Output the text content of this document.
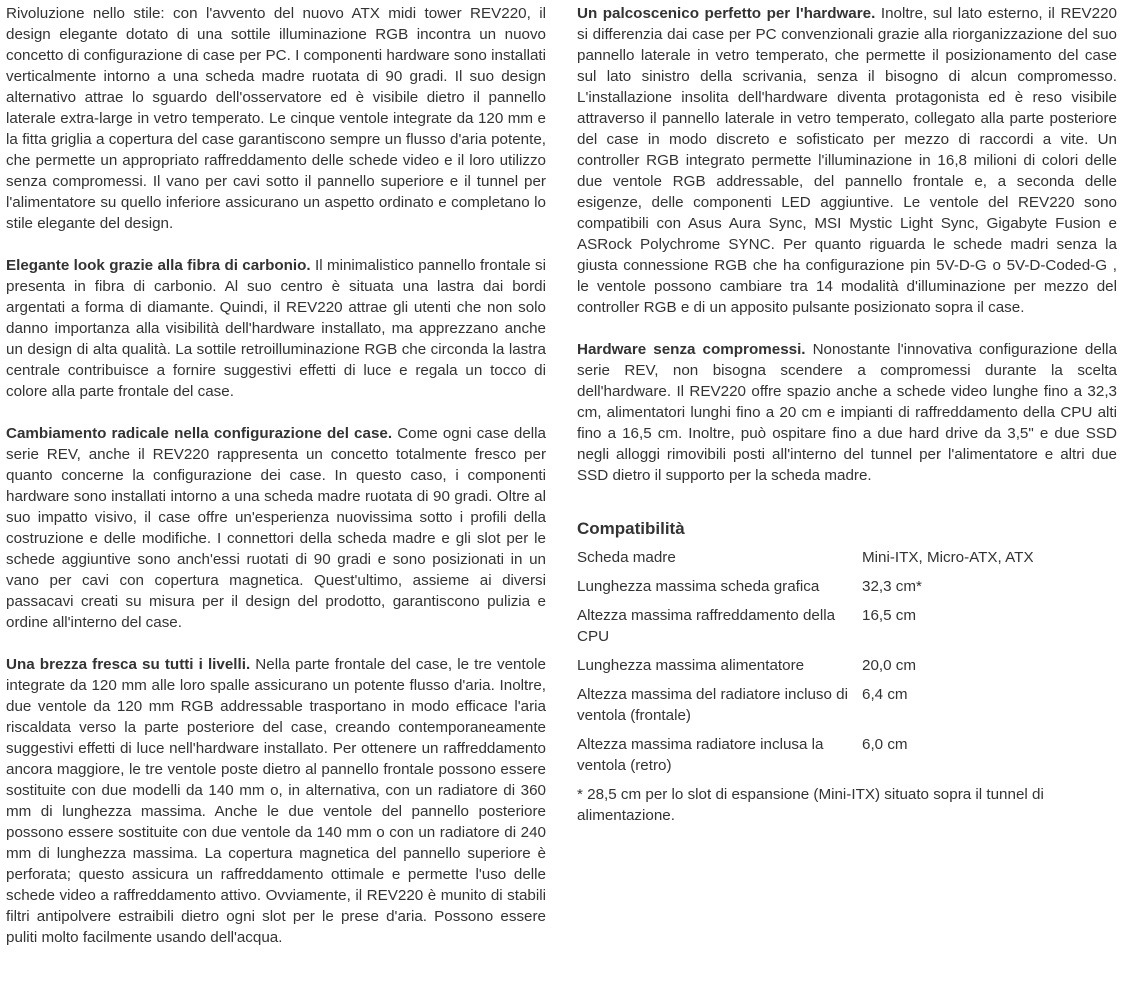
Rivoluzione nello stile: con l'avvento del nuovo ATX midi tower REV220, il design elegante dotato di una sottile illuminazione RGB incontra un nuovo concetto di configurazione di case per PC. I componenti hardware sono installati verticalmente intorno a una scheda madre ruotata di 90 gradi. Il suo design alternativo attrae lo sguardo dell'osservatore ed è visibile dietro il pannello laterale extra-large in vetro temperato. Le cinque ventole integrate da 120 mm e la fitta griglia a copertura del case garantiscono sempre un flusso d'aria potente, che permette un appropriato raffreddamento delle schede video e il loro utilizzo senza compromessi. Il vano per cavi sotto il pannello superiore e il tunnel per l'alimentatore su quello inferiore assicurano un aspetto ordinato e completano lo stile elegante del design.

Elegante look grazie alla fibra di carbonio. Il minimalistico pannello frontale si presenta in fibra di carbonio. Al suo centro è situata una lastra dai bordi argentati a forma di diamante. Quindi, il REV220 attrae gli utenti che non solo danno importanza alla visibilità dell'hardware installato, ma apprezzano anche un design di alta qualità. La sottile retroilluminazione RGB che circonda la lastra centrale contribuisce a fornire suggestivi effetti di luce e regala un tocco di colore alla parte frontale del case.

Cambiamento radicale nella configurazione del case. Come ogni case della serie REV, anche il REV220 rappresenta un concetto totalmente fresco per quanto concerne la configurazione dei case. In questo caso, i componenti hardware sono installati intorno a una scheda madre ruotata di 90 gradi. Oltre al suo impatto visivo, il case offre un'esperienza nuovissima sotto i profili della costruzione e delle modifiche. I connettori della scheda madre e gli slot per le schede aggiuntive sono anch'essi ruotati di 90 gradi e sono posizionati in un vano per cavi con copertura magnetica. Quest'ultimo, assieme ai diversi passacavi creati su misura per il design del prodotto, garantiscono pulizia e ordine all'interno del case.

Una brezza fresca su tutti i livelli. Nella parte frontale del case, le tre ventole integrate da 120 mm alle loro spalle assicurano un potente flusso d'aria. Inoltre, due ventole da 120 mm RGB addressable trasportano in modo efficace l'aria riscaldata verso la parte posteriore del case, creando contemporaneamente suggestivi effetti di luce nell'hardware installato. Per ottenere un raffreddamento ancora maggiore, le tre ventole poste dietro al pannello frontale possono essere sostituite con due modelli da 140 mm o, in alternativa, con un radiatore di 360 mm di lunghezza massima. Anche le due ventole del pannello posteriore possono essere sostituite con due ventole da 140 mm o con un radiatore di 240 mm di lunghezza massima. La copertura magnetica del pannello superiore è perforata; questo assicura un raffreddamento ottimale e permette l'uso delle schede video a raffreddamento attivo. Ovviamente, il REV220 è munito di stabili filtri antipolvere estraibili dietro ogni slot per le prese d'aria. Possono essere puliti molto facilmente usando dell'acqua.

Un palcoscenico perfetto per l'hardware. Inoltre, sul lato esterno, il REV220 si differenzia dai case per PC convenzionali grazie alla riorganizzazione del suo pannello laterale in vetro temperato, che permette il posizionamento del case sul lato sinistro della scrivania, senza il bisogno di alcun compromesso. L'installazione insolita dell'hardware diventa protagonista ed è reso visibile attraverso il pannello laterale in vetro temperato, collegato alla parte posteriore del case in modo discreto e sofisticato per mezzo di raccordi a vite. Un controller RGB integrato permette l'illuminazione in 16,8 milioni di colori delle due ventole RGB addressable, del pannello frontale e, a seconda delle esigenze, delle componenti LED aggiuntive. Le ventole del REV220 sono compatibili con Asus Aura Sync, MSI Mystic Light Sync, Gigabyte Fusion e ASRock Polychrome SYNC. Per quanto riguarda le schede madri senza la giusta connessione RGB che ha configurazione pin 5V-D-G o 5V-D-Coded-G , le ventole possono cambiare tra 14 modalità d'illuminazione per mezzo del controller RGB e di un apposito pulsante posizionato sopra il case.

Hardware senza compromessi. Nonostante l'innovativa configurazione della serie REV, non bisogna scendere a compromessi durante la scelta dell'hardware. Il REV220 offre spazio anche a schede video lunghe fino a 32,3 cm, alimentatori lunghi fino a 20 cm e impianti di raffreddamento della CPU alti fino a 16,5 cm. Inoltre, può ospitare fino a due hard drive da 3,5" e due SSD negli alloggi rimovibili posti all'interno del tunnel per l'alimentatore e altri due SSD dietro il supporto per la scheda madre.

Compatibilità
Scheda madre	Mini-ITX, Micro-ATX, ATX
Lunghezza massima scheda grafica	32,3 cm*
Altezza massima raffreddamento della CPU	16,5 cm
Lunghezza massima alimentatore	20,0 cm
Altezza massima del radiatore incluso di ventola (frontale)	6,4 cm
Altezza massima radiatore inclusa la ventola (retro)	6,0 cm

* 28,5 cm per lo slot di espansione (Mini-ITX) situato sopra il tunnel di alimentazione.
